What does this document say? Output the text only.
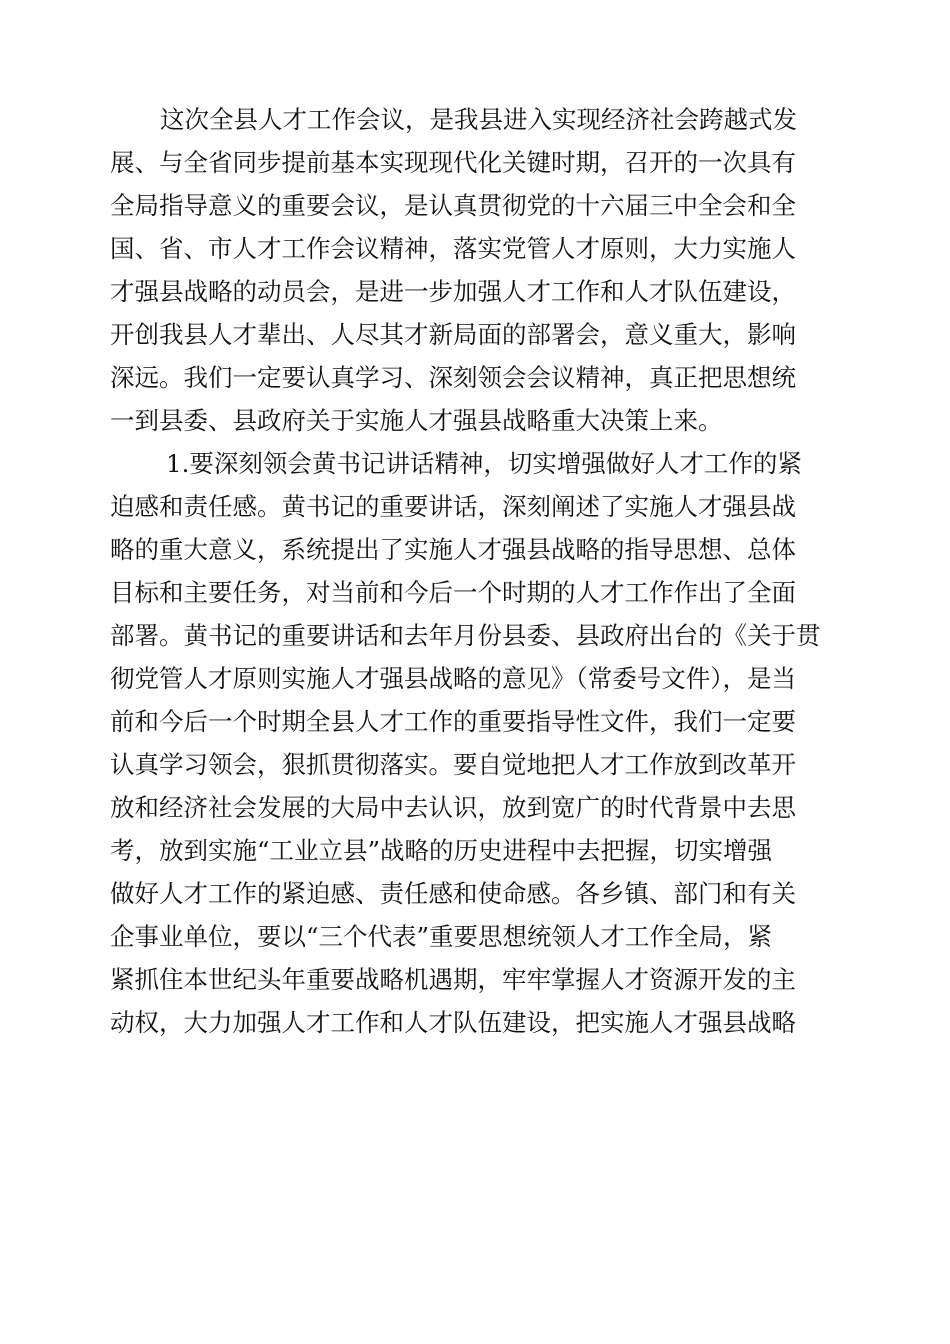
这次全县人才工作会议，是我县进入实现经济社会跨越式发
展、与全省同步提前基本实现现代化关键时期，召开的一次具有
全局指导意义的重要会议，是认真贯彻党的十六届三中全会和全
国、省、市人才工作会议精神，落实党管人才原则，大力实施人
才强县战略的动员会，是进一步加强人才工作和人才队伍建设，
开创我县人才辈出、人尽其才新局面的部署会，意义重大，影响
深远。我们一定要认真学习、深刻领会会议精神，真正把思想统
一到县委、县政府关于实施人才强县战略重大决策上来。
1.要深刻领会黄书记讲话精神，切实增强做好人才工作的紧
迫感和责任感。黄书记的重要讲话，深刻阐述了实施人才强县战
略的重大意义，系统提出了实施人才强县战略的指导思想、总体
目标和主要任务，对当前和今后一个时期的人才工作作出了全面
部署。黄书记的重要讲话和去年月份县委、县政府出台的《关于贯
彻党管人才原则实施人才强县战略的意见》（常委号文件），是当
前和今后一个时期全县人才工作的重要指导性文件，我们一定要
认真学习领会，狠抓贯彻落实。要自觉地把人才工作放到改革开
放和经济社会发展的大局中去认识，放到宽广的时代背景中去思
考，放到实施“工业立县”战略的历史进程中去把握，切实增强
做好人才工作的紧迫感、责任感和使命感。各乡镇、部门和有关
企事业单位，要以“三个代表”重要思想统领人才工作全局，紧
紧抓住本世纪头年重要战略机遇期，牢牢掌握人才资源开发的主
动权，大力加强人才工作和人才队伍建设，把实施人才强县战略
